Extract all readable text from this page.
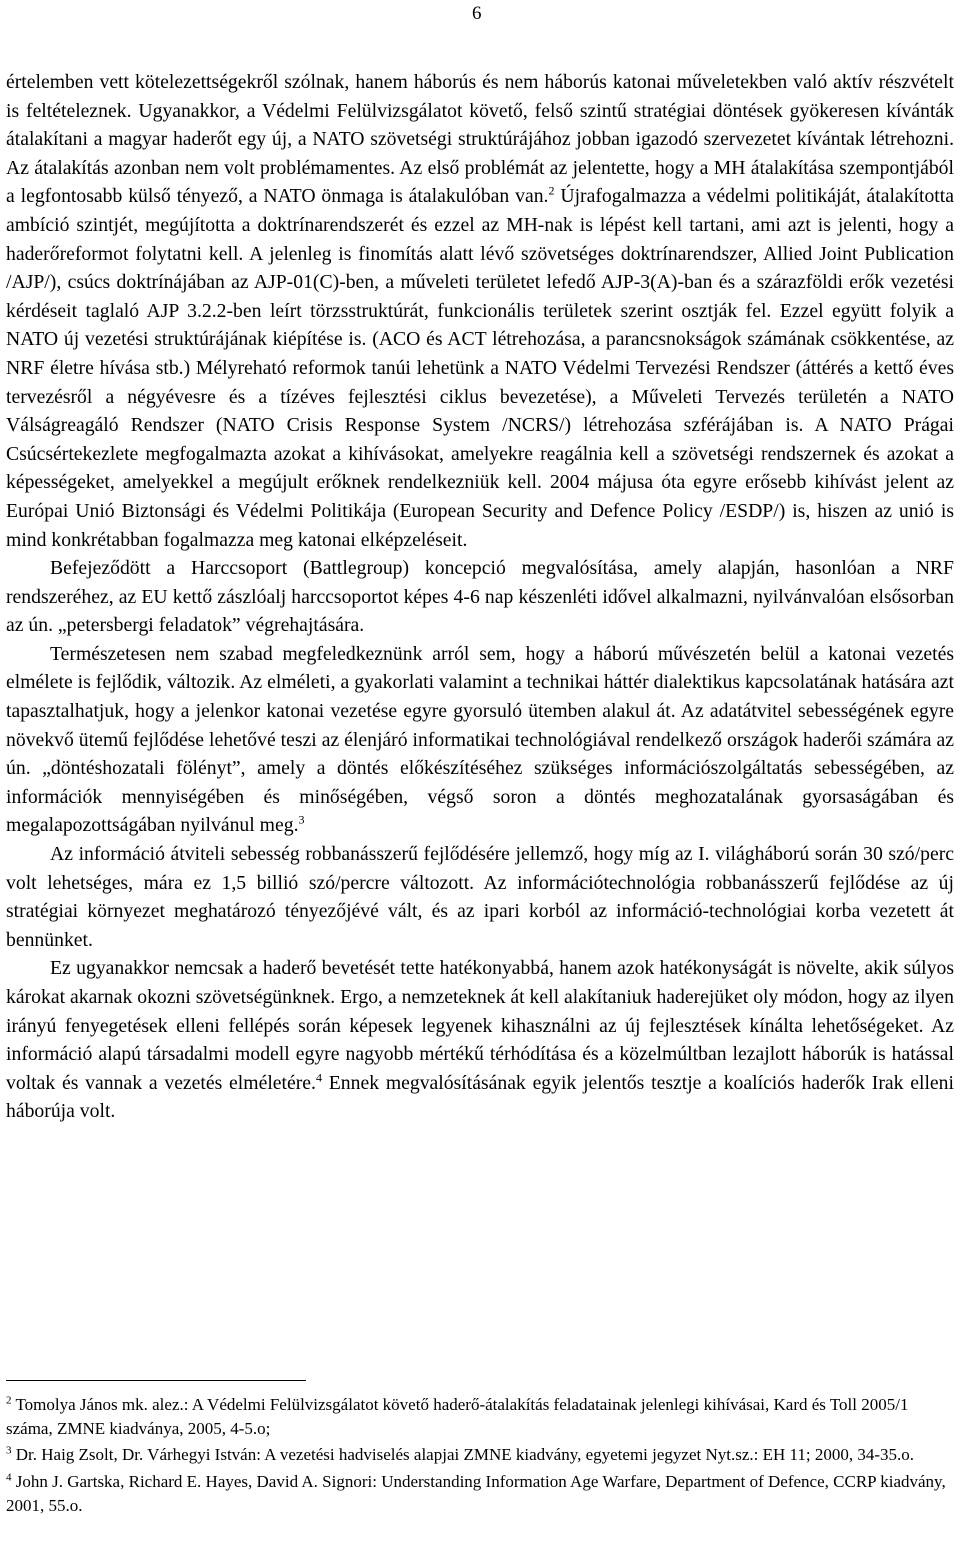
6

értelemben vett kötelezettségekről szólnak, hanem háborús és nem háborús katonai műveletekben való aktív részvételt is feltételeznek. Ugyanakkor, a Védelmi Felülvizsgálatot követő, felső szintű stratégiai döntések gyökeresen kívánták átalakítani a magyar haderőt egy új, a NATO szövetségi struktúrájához jobban igazodó szervezetet kívántak létrehozni. Az átalakítás azonban nem volt problémamentes. Az első problémát az jelentette, hogy a MH átalakítása szempontjából a legfontosabb külső tényező, a NATO önmaga is átalakulóban van.$^2$ Újrafogalmazza a védelmi politikáját, átalakította ambíció szintjét, megújította a doktrínarendszerét és ezzel az MH-nak is lépést kell tartani, ami azt is jelenti, hogy a haderőreformot folytatni kell. A jelenleg is finomítás alatt lévő szövetséges doktrínarendszer, Allied Joint Publication /AJP/), csúcs doktrínájában az AJP-01(C)-ben, a műveleti területet lefedő AJP-3(A)-ban és a szárazföldi erők vezetési kérdéseit taglaló AJP 3.2.2-ben leírt törzsstruktúrát, funkcionális területek szerint osztják fel. Ezzel együtt folyik a NATO új vezetési struktúrájának kiépítése is. (ACO és ACT létrehozása, a parancsnokságok számának csökkentése, az NRF életre hívása stb.) Mélyreható reformok tanúi lehetünk a NATO Védelmi Tervezési Rendszer (áttérés a kettő éves tervezésről a négyévesre és a tízéves fejlesztési ciklus bevezetése), a Műveleti Tervezés területén a NATO Válságreagáló Rendszer (NATO Crisis Response System /NCRS/) létrehozása szférájában is. A NATO Prágai Csúcsértekezlete megfogalmazta azokat a kihívásokat, amelyekre reagálnia kell a szövetségi rendszernek és azokat a képességeket, amelyekkel a megújult erőknek rendelkezniük kell. 2004 májusa óta egyre erősebb kihívást jelent az Európai Unió Biztonsági és Védelmi Politikája (European Security and Defence Policy /ESDP/) is, hiszen az unió is mind konkrétabban fogalmazza meg katonai elképzeléseit.

Befejeződött a Harccsoport (Battlegroup) koncepció megvalósítása, amely alapján, hasonlóan a NRF rendszeréhez, az EU kettő zászlóalj harccsoportot képes 4-6 nap készenléti idővel alkalmazni, nyilvánvalóan elsősorban az ún. „petersbergi feladatok” végrehajtására.

Természetesen nem szabad megfeledkeznünk arról sem, hogy a háború művészetén belül a katonai vezetés elmélete is fejlődik, változik. Az elméleti, a gyakorlati valamint a technikai háttér dialektikus kapcsolatának hatására azt tapasztalhatjuk, hogy a jelenkor katonai vezetése egyre gyorsuló ütemben alakul át. Az adatátvitel sebességének egyre növekvő ütemű fejlődése lehetővé teszi az élenjáró informatikai technológiával rendelkező országok haderői számára az ún. „döntéshozatali fölényt”, amely a döntés előkészítéséhez szükséges információszolgáltatás sebességében, az információk mennyiségében és minőségében, végső soron a döntés meghozatalának gyorsaságában és megalapozottságában nyilvánul meg.$^3$

Az információ átviteli sebesség robbanásszerű fejlődésére jellemző, hogy míg az I. világháború során 30 szó/perc volt lehetséges, mára ez 1,5 billió szó/percre változott. Az információtechnológia robbanásszerű fejlődése az új stratégiai környezet meghatározó tényezőjévé vált, és az ipari korból az információ-technológiai korba vezetett át bennünket.

Ez ugyanakkor nemcsak a haderő bevetését tette hatékonyabbá, hanem azok hatékonyságát is növelte, akik súlyos károkat akarnak okozni szövetségünknek. Ergo, a nemzeteknek át kell alakítaniuk haderejüket oly módon, hogy az ilyen irányú fenyegetések elleni fellépés során képesek legyenek kihasználni az új fejlesztések kínálta lehetőségeket. Az információ alapú társadalmi modell egyre nagyobb mértékű térhódítása és a közelmúltban lezajlott háborúk is hatással voltak és vannak a vezetés elméletére.$^4$ Ennek megvalósításának egyik jelentős tesztje a koalíciós haderők Irak elleni háborúja volt.

$^2$ Tomolya János mk. alez.: A Védelmi Felülvizsgálatot követő haderő-átalakítás feladatainak jelenlegi kihívásai, Kard és Toll 2005/1 száma, ZMNE kiadványa, 2005, 4-5.o;
$^3$ Dr. Haig Zsolt, Dr. Várhegyi István: A vezetési hadviselés alapjai ZMNE kiadvány, egyetemi jegyzet Nyt.sz.: EH 11; 2000, 34-35.o.
$^4$ John J. Gartska, Richard E. Hayes, David A. Signori: Understanding Information Age Warfare, Department of Defence, CCRP kiadvány, 2001, 55.o.
